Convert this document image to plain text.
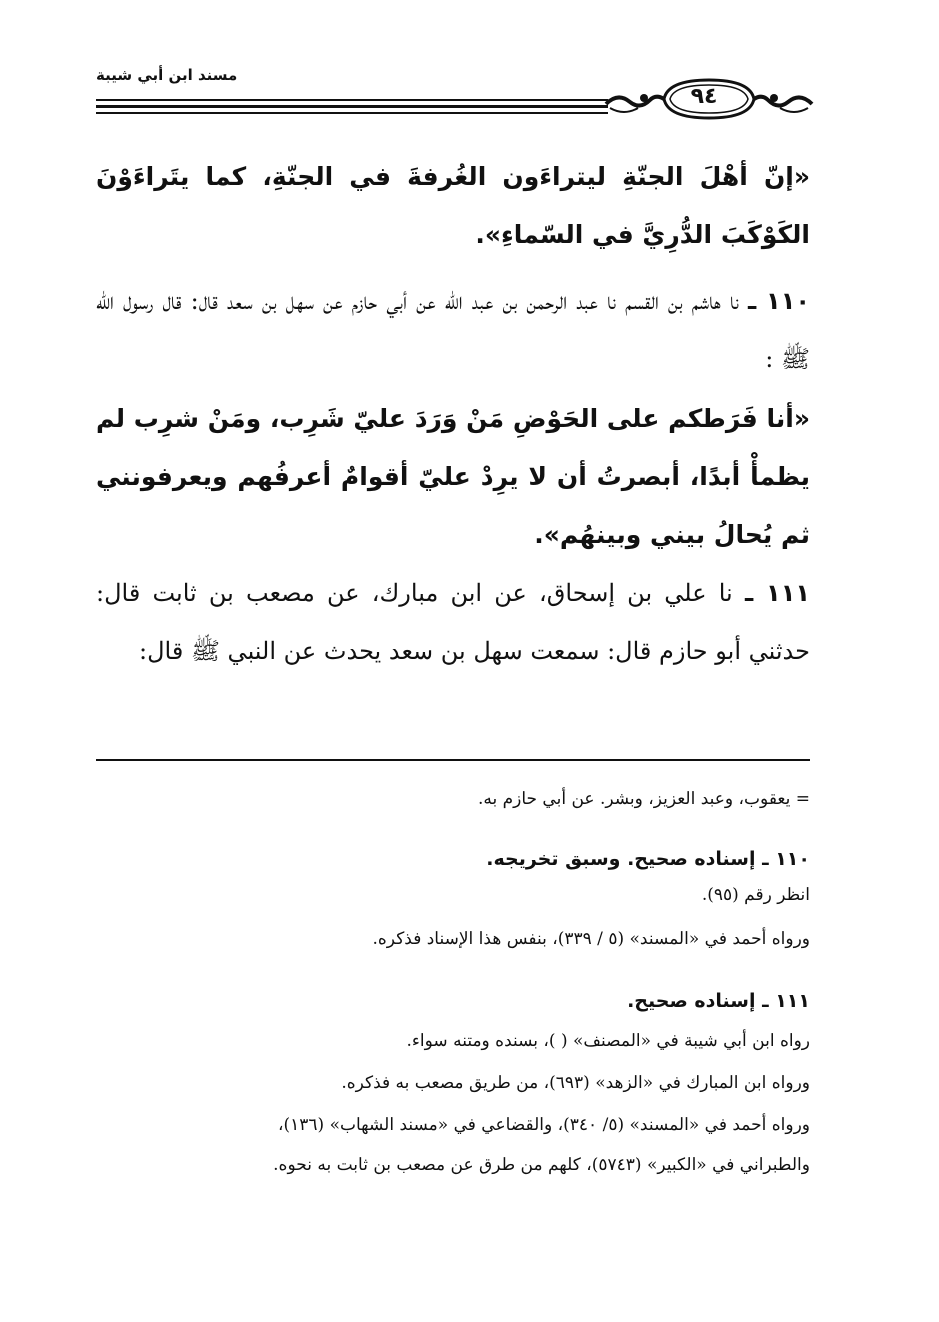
مسند ابن أبي شيبة
٩٤
«إنّ أهْلَ الجنّةِ ليتراءَون الغُرفةَ في الجنّةِ، كما يتَراءَوْنَ الكَوْكَبَ الدُّرِيَّ في السّماءِ».
١١٠ ـ نا هاشم بن القسم نا عبد الرحمن بن عبد الله عن أبي حازم عن سهل بن سعد قال: قال رسول الله ﷺ :
«أنا فَرَطكم على الحَوْضِ مَنْ وَرَدَ عليّ شَرِب، ومَنْ شرِب لم يظمأْ أبدًا، أبصرتُ أن لا يرِدْ عليّ أقوامٌ أعرفُهم ويعرفونني ثم يُحالُ بيني وبينهُم».
١١١ ـ نا علي بن إسحاق، عن ابن مبارك، عن مصعب بن ثابت قال: حدثني أبو حازم قال: سمعت سهل بن سعد يحدث عن النبي ﷺ قال:
= يعقوب، وعبد العزيز، وبشر. عن أبي حازم به.
١١٠ ـ إسناده صحيح. وسبق تخريجه.
انظر رقم (٩٥).
ورواه أحمد في «المسند» (٥ / ٣٣٩)، بنفس هذا الإسناد فذكره.
١١١ ـ إسناده صحيح.
رواه ابن أبي شيبة في «المصنف» ( )، بسنده ومتنه سواء.
ورواه ابن المبارك في «الزهد» (٦٩٣)، من طريق مصعب به فذكره.
ورواه أحمد في «المسند» (٥/ ٣٤٠)، والقضاعي في «مسند الشهاب» (١٣٦)،
والطبراني في «الكبير» (٥٧٤٣)، كلهم من طرق عن مصعب بن ثابت به نحوه.
